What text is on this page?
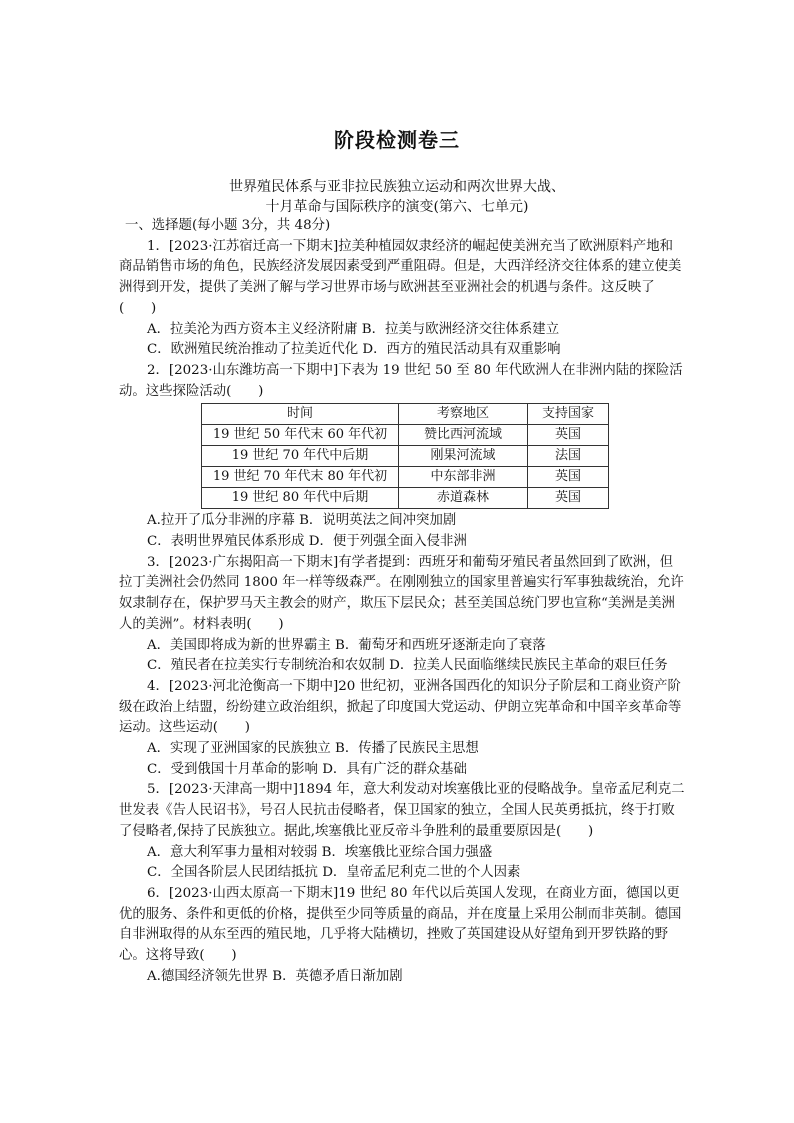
阶段检测卷三
世界殖民体系与亚非拉民族独立运动和两次世界大战、
十月革命与国际秩序的演变(第六、七单元)

一、选择题(每小题 3分，共 48分)

1．[2023·江苏宿迁高一下期末]拉美种植园奴隶经济的崛起使美洲充当了欧洲原料产地和商品销售市场的角色，民族经济发展因素受到严重阻碍。但是，大西洋经济交往体系的建立使美洲得到开发，提供了美洲了解与学习世界市场与欧洲甚至亚洲社会的机遇与条件。这反映了(　　)

A．拉美沦为西方资本主义经济附庸 B．拉美与欧洲经济交往体系建立

C．欧洲殖民统治推动了拉美近代化 D．西方的殖民活动具有双重影响

2．[2023·山东潍坊高一下期中]下表为 19 世纪 50 至 80 年代欧洲人在非洲内陆的探险活动。这些探险活动(　　)

时间	考察地区	支持国家
19 世纪 50 年代末 60 年代初	赞比西河流域	英国
19 世纪 70 年代中后期	刚果河流域	法国
19 世纪 70 年代末 80 年代初	中东部非洲	英国
19 世纪 80 年代中后期	赤道森林	英国

A.拉开了瓜分非洲的序幕 B．说明英法之间冲突加剧

C．表明世界殖民体系形成 D．便于列强全面入侵非洲

3．[2023·广东揭阳高一下期末]有学者提到：西班牙和葡萄牙殖民者虽然回到了欧洲，但拉丁美洲社会仍然同 1800 年一样等级森严。在刚刚独立的国家里普遍实行军事独裁统治，允许奴隶制存在，保护罗马天主教会的财产，欺压下层民众；甚至美国总统门罗也宣称“美洲是美洲人的美洲”。材料表明(　　)

A．美国即将成为新的世界霸主 B．葡萄牙和西班牙逐渐走向了衰落

C．殖民者在拉美实行专制统治和农奴制 D．拉美人民面临继续民族民主革命的艰巨任务

4．[2023·河北沧衡高一下期中]20 世纪初，亚洲各国西化的知识分子阶层和工商业资产阶级在政治上结盟，纷纷建立政治组织，掀起了印度国大党运动、伊朗立宪革命和中国辛亥革命等运动。这些运动(　　)

A．实现了亚洲国家的民族独立 B．传播了民族民主思想

C．受到俄国十月革命的影响 D．具有广泛的群众基础

5．[2023·天津高一期中]1894 年，意大利发动对埃塞俄比亚的侵略战争。皇帝孟尼利克二世发表《告人民诏书》，号召人民抗击侵略者，保卫国家的独立，全国人民英勇抵抗，终于打败了侵略者,保持了民族独立。据此,埃塞俄比亚反帝斗争胜利的最重要原因是(　　)

A．意大利军事力量相对较弱 B．埃塞俄比亚综合国力强盛

C．全国各阶层人民团结抵抗 D．皇帝孟尼利克二世的个人因素

6．[2023·山西太原高一下期末]19 世纪 80 年代以后英国人发现，在商业方面，德国以更优的服务、条件和更低的价格，提供至少同等质量的商品，并在度量上采用公制而非英制。德国自非洲取得的从东至西的殖民地，几乎将大陆横切，挫败了英国建设从好望角到开罗铁路的野心。这将导致(　　)

A.德国经济领先世界 B．英德矛盾日渐加剧
